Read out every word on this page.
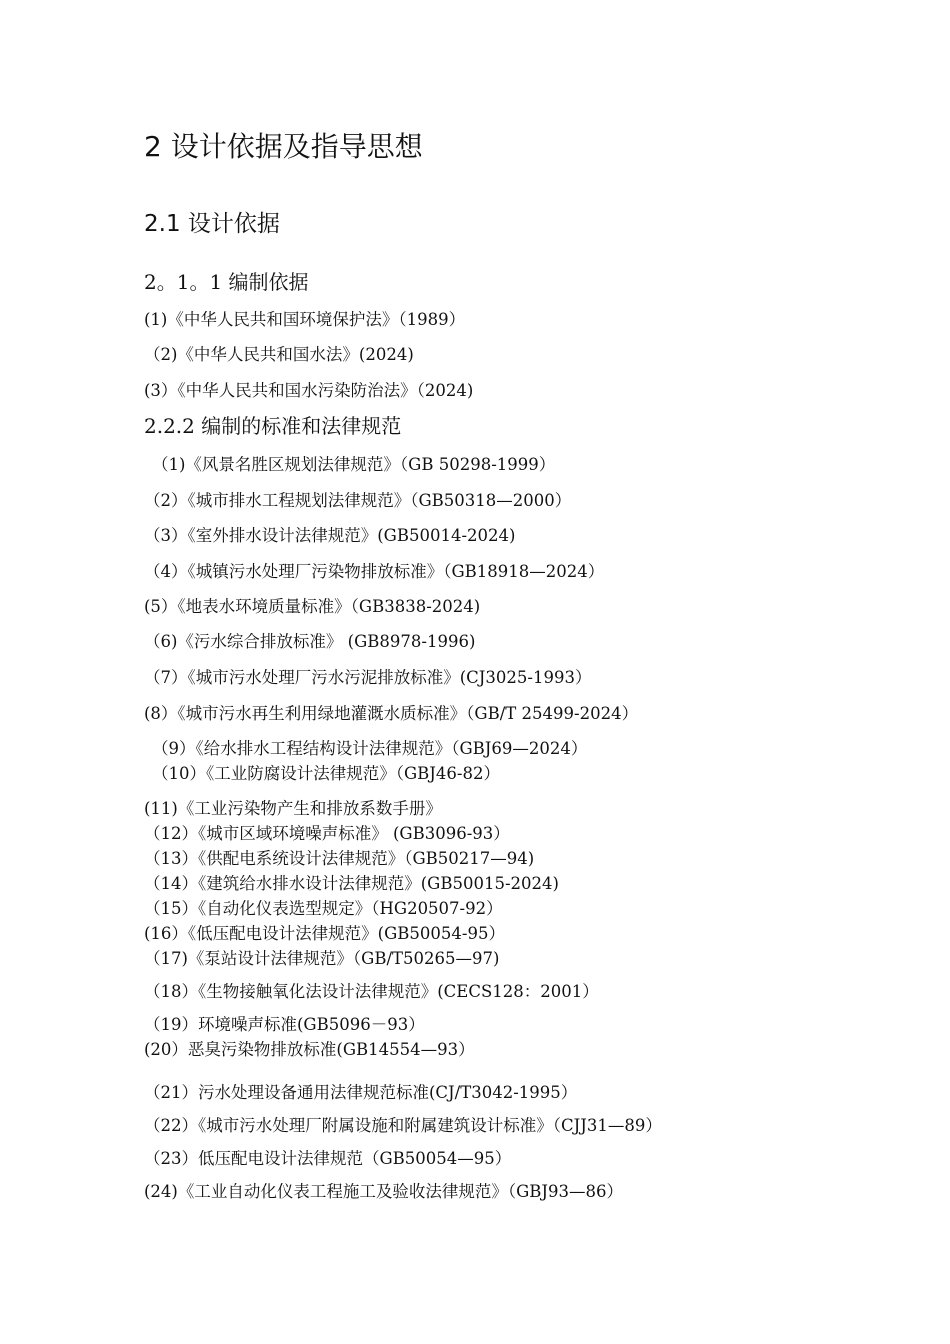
2 设计依据及指导思想
2.1 设计依据
2。1。1 编制依据
(1)《中华人民共和国环境保护法》（1989）
（2)《中华人民共和国水法》(2024)
(3）《中华人民共和国水污染防治法》（2024)
2.2.2 编制的标准和法律规范
（1)《风景名胜区规划法律规范》（GB 50298-1999）
（2）《城市排水工程规划法律规范》（GB50318—2000）
（3）《室外排水设计法律规范》(GB50014-2024)
（4）《城镇污水处理厂污染物排放标准》（GB18918—2024）
(5）《地表水环境质量标准》（GB3838-2024)
（6)《污水综合排放标准》 (GB8978-1996)
（7）《城市污水处理厂污水污泥排放标准》(CJ3025-1993）
(8）《城市污水再生利用绿地灌溉水质标准》（GB/T 25499-2024）
（9）《给水排水工程结构设计法律规范》（GBJ69—2024）
（10）《工业防腐设计法律规范》（GBJ46-82）
(11)《工业污染物产生和排放系数手册》
（12）《城市区域环境噪声标准》 (GB3096-93）
（13）《供配电系统设计法律规范》（GB50217—94)
（14）《建筑给水排水设计法律规范》(GB50015-2024)
（15）《自动化仪表选型规定》（HG20507-92）
(16）《低压配电设计法律规范》(GB50054-95）
（17)《泵站设计法律规范》（GB/T50265—97)
（18）《生物接触氧化法设计法律规范》(CECS128：2001）
（19）环境噪声标准(GB5096－93）
(20）恶臭污染物排放标准(GB14554—93）
（21）污水处理设备通用法律规范标准(CJ/T3042-1995）
（22）《城市污水处理厂附属设施和附属建筑设计标准》（CJJ31—89）
（23）低压配电设计法律规范（GB50054—95）
(24)《工业自动化仪表工程施工及验收法律规范》（GBJ93—86）
